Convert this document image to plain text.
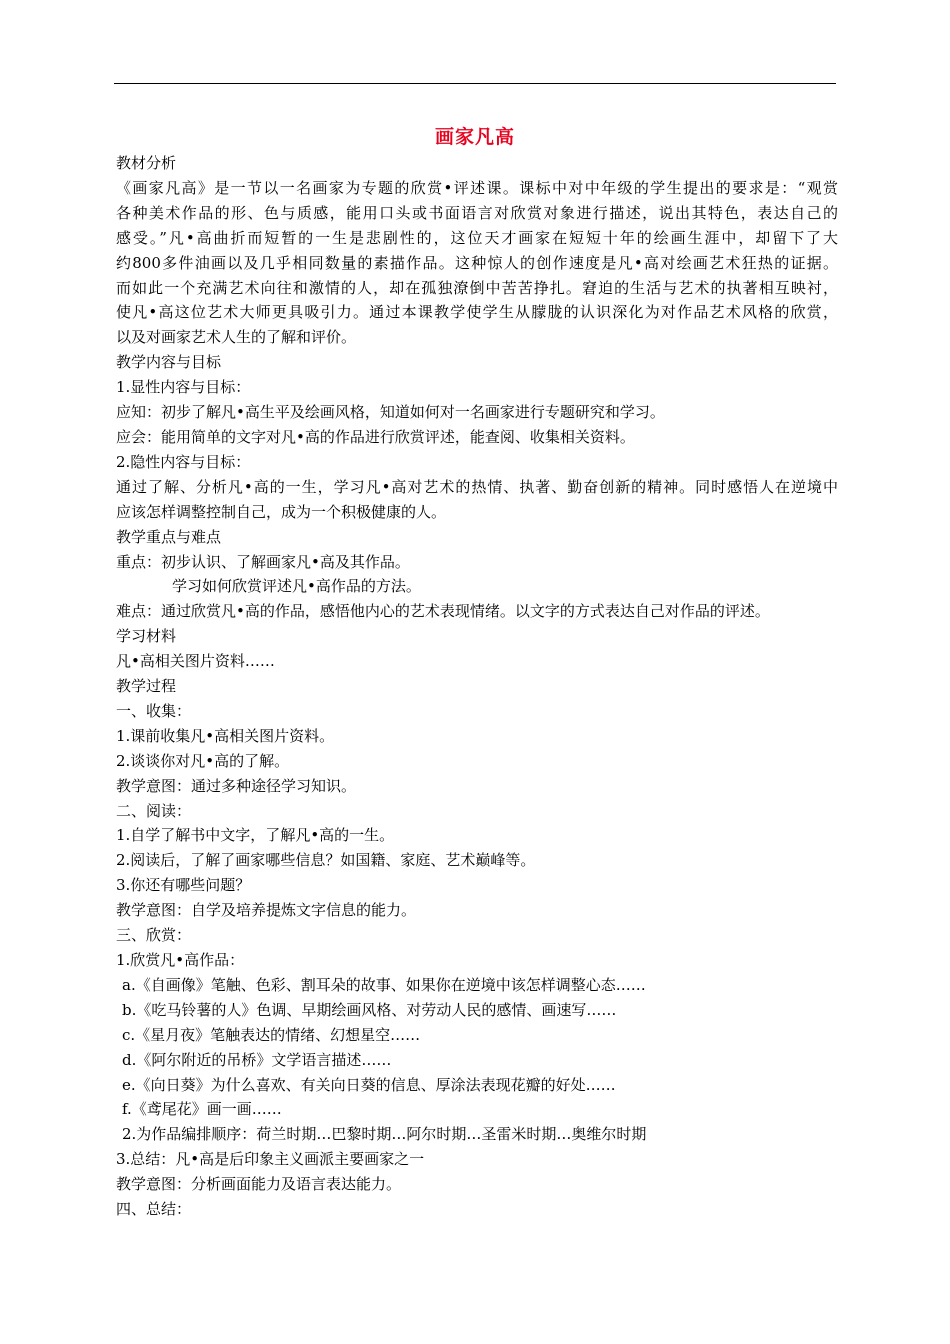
画家凡高

教材分析

《画家凡高》是一节以一名画家为专题的欣赏•评述课。课标中对中年级的学生提出的要求是：“观赏

各种美术作品的形、色与质感，能用口头或书面语言对欣赏对象进行描述，说出其特色，表达自己的

感受。”凡•高曲折而短暂的一生是悲剧性的，这位天才画家在短短十年的绘画生涯中，却留下了大

约800多件油画以及几乎相同数量的素描作品。这种惊人的创作速度是凡•高对绘画艺术狂热的证据。

而如此一个充满艺术向往和激情的人，却在孤独潦倒中苦苦挣扎。窘迫的生活与艺术的执著相互映衬，

使凡•高这位艺术大师更具吸引力。通过本课教学使学生从朦胧的认识深化为对作品艺术风格的欣赏，

以及对画家艺术人生的了解和评价。

教学内容与目标

1.显性内容与目标：

应知：初步了解凡•高生平及绘画风格，知道如何对一名画家进行专题研究和学习。

应会：能用简单的文字对凡•高的作品进行欣赏评述，能查阅、收集相关资料。

2.隐性内容与目标：

通过了解、分析凡•高的一生，学习凡•高对艺术的热情、执著、勤奋创新的精神。同时感悟人在逆境中

应该怎样调整控制自己，成为一个积极健康的人。

教学重点与难点

重点：初步认识、了解画家凡•高及其作品。

学习如何欣赏评述凡•高作品的方法。

难点：通过欣赏凡•高的作品，感悟他内心的艺术表现情绪。以文字的方式表达自己对作品的评述。

学习材料

凡•高相关图片资料……

教学过程

一、收集：

1.课前收集凡•高相关图片资料。

2.谈谈你对凡•高的了解。

教学意图：通过多种途径学习知识。

二、阅读：

1.自学了解书中文字，了解凡•高的一生。

2.阅读后，了解了画家哪些信息？如国籍、家庭、艺术巅峰等。

3.你还有哪些问题？

教学意图：自学及培养提炼文字信息的能力。

三、欣赏：

1.欣赏凡•高作品：

a.《自画像》笔触、色彩、割耳朵的故事、如果你在逆境中该怎样调整心态……

b.《吃马铃薯的人》色调、早期绘画风格、对劳动人民的感情、画速写……

c.《星月夜》笔触表达的情绪、幻想星空……

d.《阿尔附近的吊桥》文学语言描述……

e.《向日葵》为什么喜欢、有关向日葵的信息、厚涂法表现花瓣的好处……

f.《鸢尾花》画一画……

2.为作品编排顺序：荷兰时期…巴黎时期…阿尔时期…圣雷米时期…奥维尔时期

3.总结：凡•高是后印象主义画派主要画家之一

教学意图：分析画面能力及语言表达能力。

四、总结：
